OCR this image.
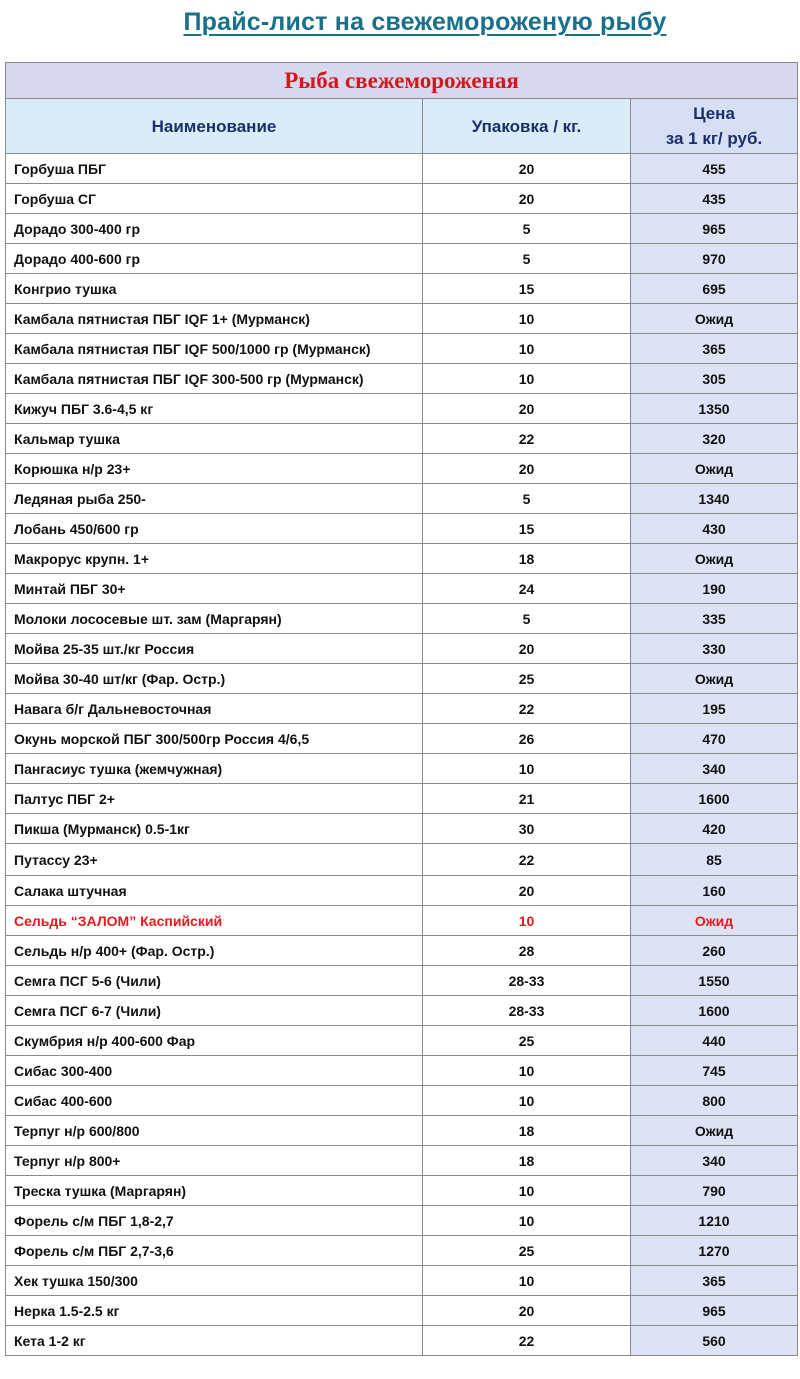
Прайс-лист на свежемороженую рыбу
Рыба свежемороженая		
Наименование	Упаковка / кг.	Цена
за 1 кг/ руб.

Горбуша ПБГ	20	455
Горбуша СГ	20	435
Дорадо 300-400 гр	5	965
Дорадо 400-600 гр	5	970
Конгрио тушка	15	695
Камбала пятнистая ПБГ IQF 1+ (Мурманск)	10	Ожид
Камбала пятнистая ПБГ IQF 500/1000 гр (Мурманск)	10	365
Камбала пятнистая ПБГ IQF 300-500 гр (Мурманск)	10	305
Кижуч ПБГ 3.6-4,5 кг	20	1350
Кальмар тушка	22	320
Корюшка н/р 23+	20	Ожид
Ледяная рыба 250-	5	1340
Лобань 450/600 гр	15	430
Макрорус крупн. 1+	18	Ожид
Минтай ПБГ 30+	24	190
Молоки лососевые шт. зам (Маргарян)	5	335
Мойва 25-35 шт./кг Россия	20	330
Мойва 30-40 шт/кг (Фар. Остр.)	25	Ожид
Навага б/г Дальневосточная	22	195
Окунь морской ПБГ 300/500гр Россия 4/6,5	26	470
Пангасиус тушка (жемчужная)	10	340
Палтус ПБГ 2+	21	1600
Пикша (Мурманск) 0.5-1кг	30	420
Путассу 23+	22	85
Салака штучная	20	160
Сельдь “ЗАЛОМ” Каспийский	10	Ожид
Сельдь н/р 400+ (Фар. Остр.)	28	260
Семга ПСГ 5-6 (Чили)	28-33	1550
Семга ПСГ 6-7 (Чили)	28-33	1600
Скумбрия н/р 400-600 Фар	25	440
Сибас 300-400	10	745
Сибас 400-600	10	800
Терпуг н/р 600/800	18	Ожид
Терпуг н/р 800+	18	340
Треска тушка (Маргарян)	10	790
Форель с/м ПБГ 1,8-2,7	10	1210
Форель с/м ПБГ 2,7-3,6	25	1270
Хек тушка 150/300	10	365
Нерка 1.5-2.5 кг	20	965
Кета 1-2 кг	22	560
